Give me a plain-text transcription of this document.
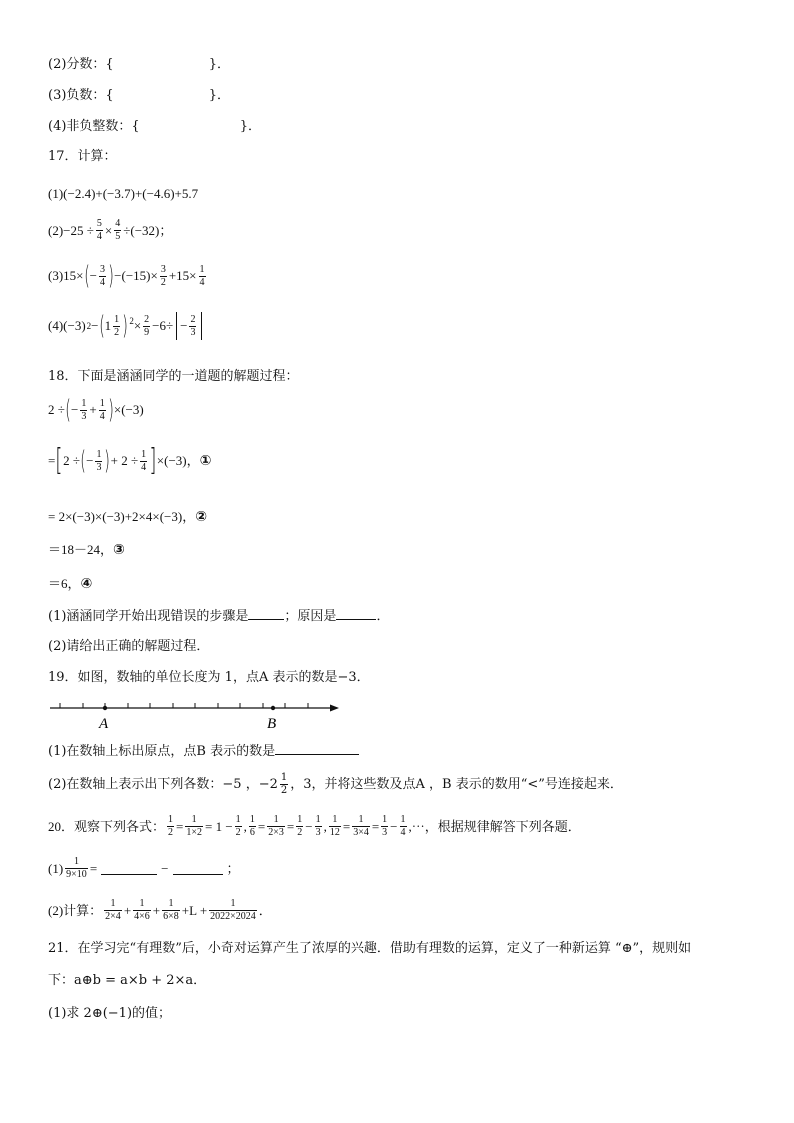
(2)分数：{	}．
(3)负数：{	}．
(4)非负整数：{	}．
17．计算：
(1)(−2.4)+(−3.7)+(−4.6)+5.7
$(2) -25 \div \frac{5}{4} \times \frac{4}{5} \div(-32)$；
(3) 15× ( − $\frac{3}{4}$ ) $-(-15)\times \frac{3}{2} +15\times \frac{1}{4}$
(4) (−3) 2 − ( $1 \frac{1}{2}$ ) $2 \times \frac{2}{9} -6\div - \frac{2}{3}$
18．下面是涵涵同学的一道题的解题过程：
2 ÷ ( − $\frac{1}{3} + \frac{1}{4}$ ) ×(−3)
= [ 2 ÷ ( − $\frac{1}{3}$ ) + $2 \div \frac{1}{4}$ ] ×(−3)， ①
= 2×(−3)×(−3)+2×4×(−3)，②
＝18－24，③
＝6，④
(1)涵涵同学开始出现错误的步骤是	；原因是	．
(2)请给出正确的解题过程．
19．如图，数轴的单位长度为 1，点A 表示的数是−3．
A	B
(1)在数轴上标出原点，点B 表示的数是
(2)在数轴上表示出下列各数：−5 ，$-2 \frac{1}{2}$ ，3，并将这些数及点A ，B 表示的数用“<”号连接起来．
20．观察下列各式： $\frac{1}{2} = \frac{1}{1\times 2} = 1 - \frac{1}{2}$ , $\frac{1}{6} = \frac{1}{2\times 3} = \frac{1}{2} - \frac{1}{3}$ , $\frac{1}{12} = \frac{1}{3\times 4} = \frac{1}{3} - \frac{1}{4}$ ,⋯，根据规律解答下列各题．
$(1) \frac{1}{9\times 10}$ =	−	；
(2)计算： $\frac{1}{2\times 4} + \frac{1}{4\times 6} + \frac{1}{6\times 8} +L + \frac{1}{2022\times 2024}$ ．
21．在学习完“有理数”后，小奇对运算产生了浓厚的兴趣．借助有理数的运算，定义了一种新运算 “⊕”，规则如
下：a⊕b = a×b + 2×a．
(1)求 2⊕(−1)的值；
